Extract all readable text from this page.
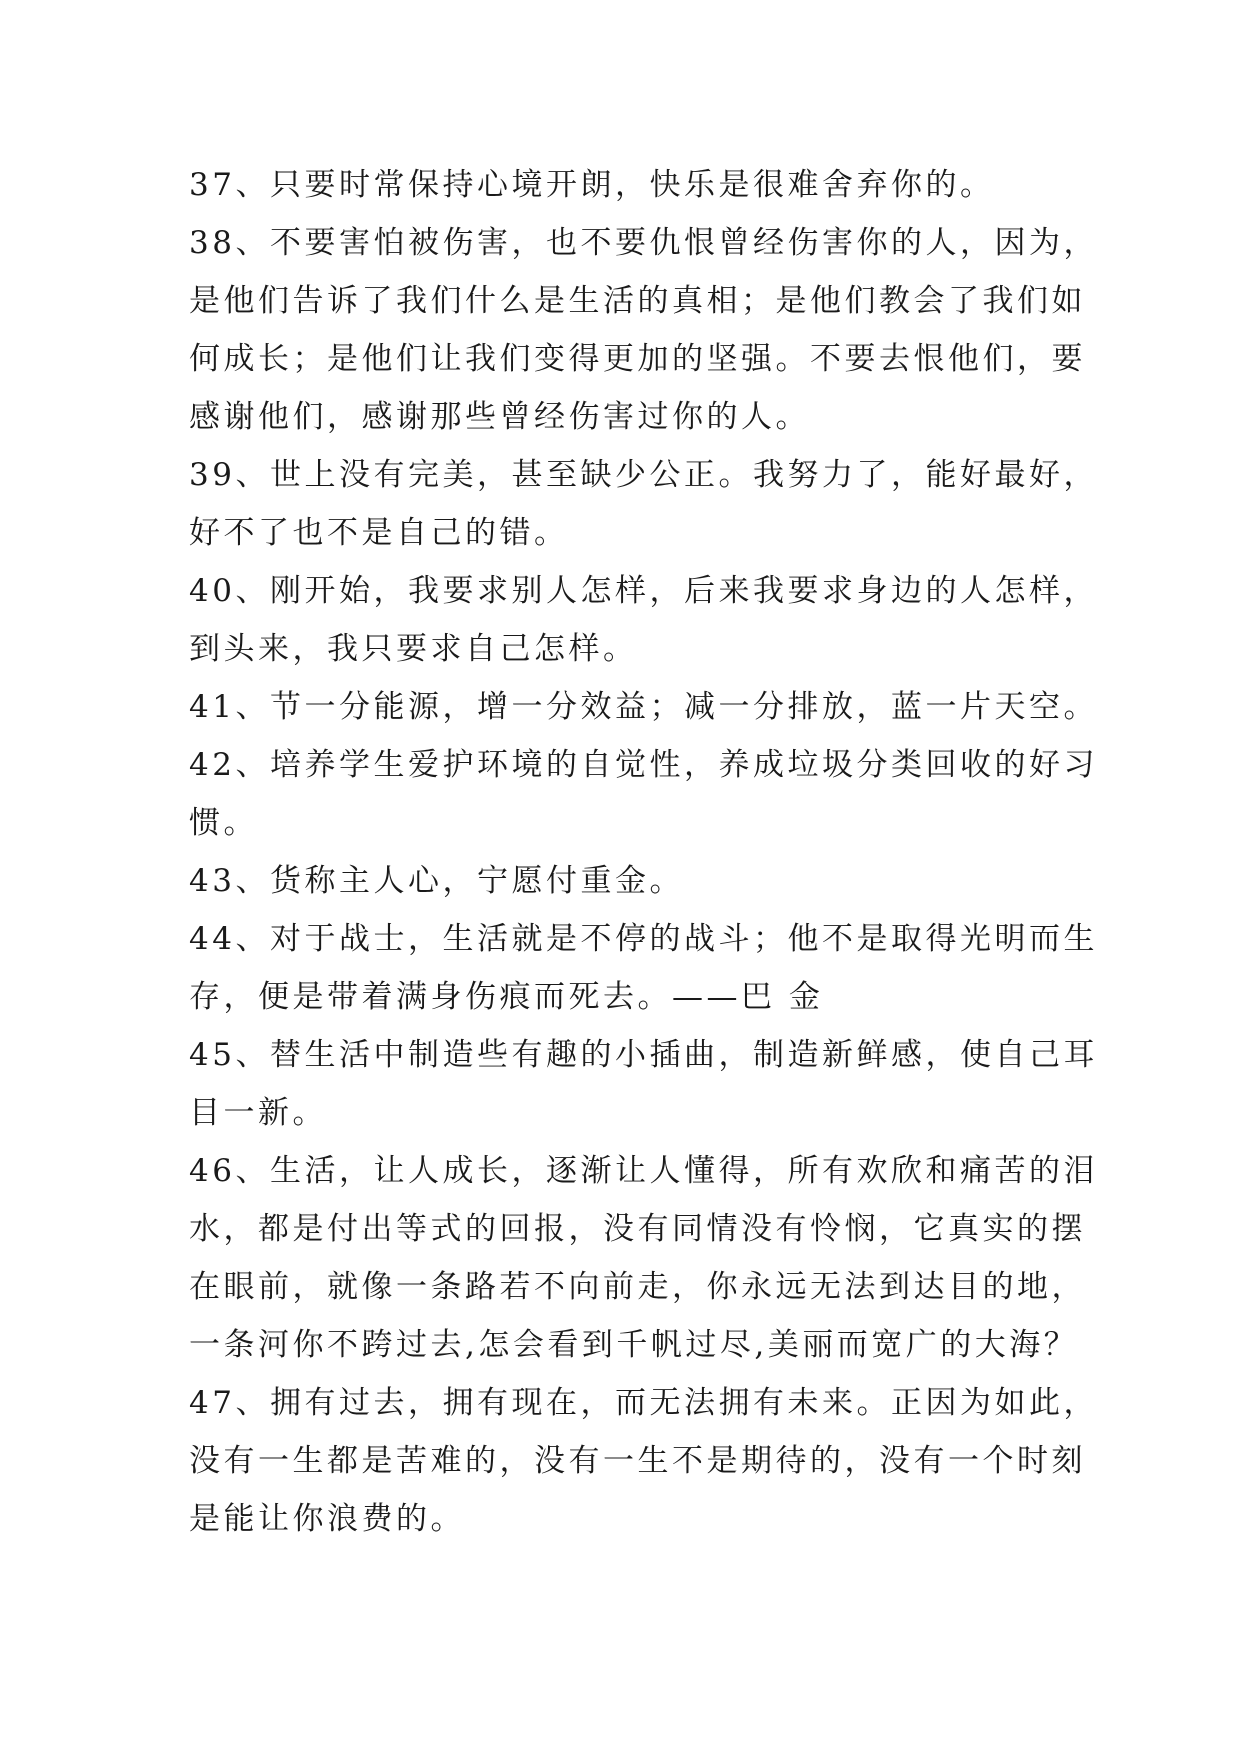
37、只要时常保持心境开朗，快乐是很难舍弃你的。
38、不要害怕被伤害，也不要仇恨曾经伤害你的人，因为，
是他们告诉了我们什么是生活的真相；是他们教会了我们如
何成长；是他们让我们变得更加的坚强。不要去恨他们，要
感谢他们，感谢那些曾经伤害过你的人。
39、世上没有完美，甚至缺少公正。我努力了，能好最好，
好不了也不是自己的错。
40、刚开始，我要求别人怎样，后来我要求身边的人怎样，
到头来，我只要求自己怎样。
41、节一分能源，增一分效益；减一分排放，蓝一片天空。
42、培养学生爱护环境的自觉性，养成垃圾分类回收的好习
惯。
43、货称主人心，宁愿付重金。
44、对于战士，生活就是不停的战斗；他不是取得光明而生
存，便是带着满身伤痕而死去。——巴 金
45、替生活中制造些有趣的小插曲，制造新鲜感，使自己耳
目一新。
46、生活，让人成长，逐渐让人懂得，所有欢欣和痛苦的泪
水，都是付出等式的回报，没有同情没有怜悯，它真实的摆
在眼前，就像一条路若不向前走，你永远无法到达目的地，
一条河你不跨过去,怎会看到千帆过尽,美丽而宽广的大海？
47、拥有过去，拥有现在，而无法拥有未来。正因为如此，
没有一生都是苦难的，没有一生不是期待的，没有一个时刻
是能让你浪费的。
